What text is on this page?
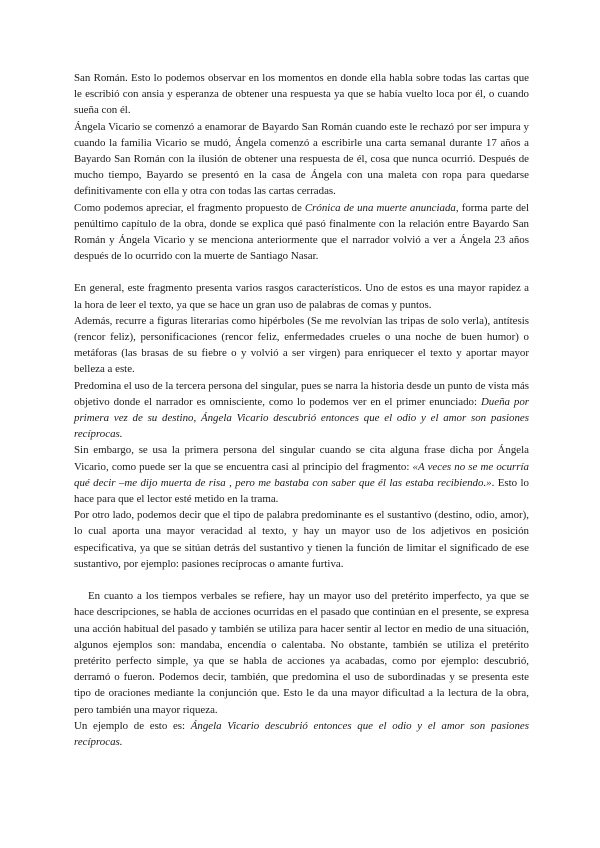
San Román. Esto lo podemos observar en los momentos en donde ella habla sobre todas las cartas que le escribió con ansia y esperanza de obtener una respuesta ya que se había vuelto loca por él, o cuando sueña con él.

Ángela Vicario se comenzó a enamorar de Bayardo San Román cuando este le rechazó por ser impura y cuando la familia Vicario se mudó, Ángela comenzó a escribirle una carta semanal durante 17 años a Bayardo San Román con la ilusión de obtener una respuesta de él, cosa que nunca ocurrió. Después de mucho tiempo, Bayardo se presentó en la casa de Ángela con una maleta con ropa para quedarse definitivamente con ella y otra con todas las cartas cerradas.

Como podemos apreciar, el fragmento propuesto de Crónica de una muerte anunciada, forma parte del penúltimo capítulo de la obra, donde se explica qué pasó finalmente con la relación entre Bayardo San Román y Ángela Vicario y se menciona anteriormente que el narrador volvió a ver a Ángela 23 años después de lo ocurrido con la muerte de Santiago Nasar.

En general, este fragmento presenta varios rasgos característicos. Uno de estos es una mayor rapidez a la hora de leer el texto, ya que se hace un gran uso de palabras de comas y puntos.

Además, recurre a figuras literarias como hipérboles (Se me revolvían las tripas de solo verla), antítesis (rencor feliz), personificaciones (rencor feliz, enfermedades crueles o una noche de buen humor) o metáforas (las brasas de su fiebre o y volvió a ser virgen) para enriquecer el texto y aportar mayor belleza a este.

Predomina el uso de la tercera persona del singular, pues se narra la historia desde un punto de vista más objetivo donde el narrador es omnisciente, como lo podemos ver en el primer enunciado: Dueña por primera vez de su destino, Ángela Vicario descubrió entonces que el odio y el amor son pasiones recíprocas.

Sin embargo, se usa la primera persona del singular cuando se cita alguna frase dicha por Ángela Vicario, como puede ser la que se encuentra casi al principio del fragmento: «A veces no se me ocurría qué decir –me dijo muerta de risa , pero me bastaba con saber que él las estaba recibiendo.». Esto lo hace para que el lector esté metido en la trama.

Por otro lado, podemos decir que el tipo de palabra predominante es el sustantivo (destino, odio, amor), lo cual aporta una mayor veracidad al texto, y hay un mayor uso de los adjetivos en posición especificativa, ya que se sitúan detrás del sustantivo y tienen la función de limitar el significado de ese sustantivo, por ejemplo: pasiones recíprocas o amante furtiva.

En cuanto a los tiempos verbales se refiere, hay un mayor uso del pretérito imperfecto, ya que se hace descripciones, se habla de acciones ocurridas en el pasado que continúan en el presente, se expresa una acción habitual del pasado y también se utiliza para hacer sentir al lector en medio de una situación, algunos ejemplos son: mandaba, encendía o calentaba. No obstante, también se utiliza el pretérito pretérito perfecto simple, ya que se habla de acciones ya acabadas, como por ejemplo: descubrió, derramó o fueron. Podemos decir, también, que predomina el uso de subordinadas y se presenta este tipo de oraciones mediante la conjunción que. Esto le da una mayor dificultad a la lectura de la obra, pero también una mayor riqueza.

Un ejemplo de esto es: Ángela Vicario descubrió entonces que el odio y el amor son pasiones recíprocas.
